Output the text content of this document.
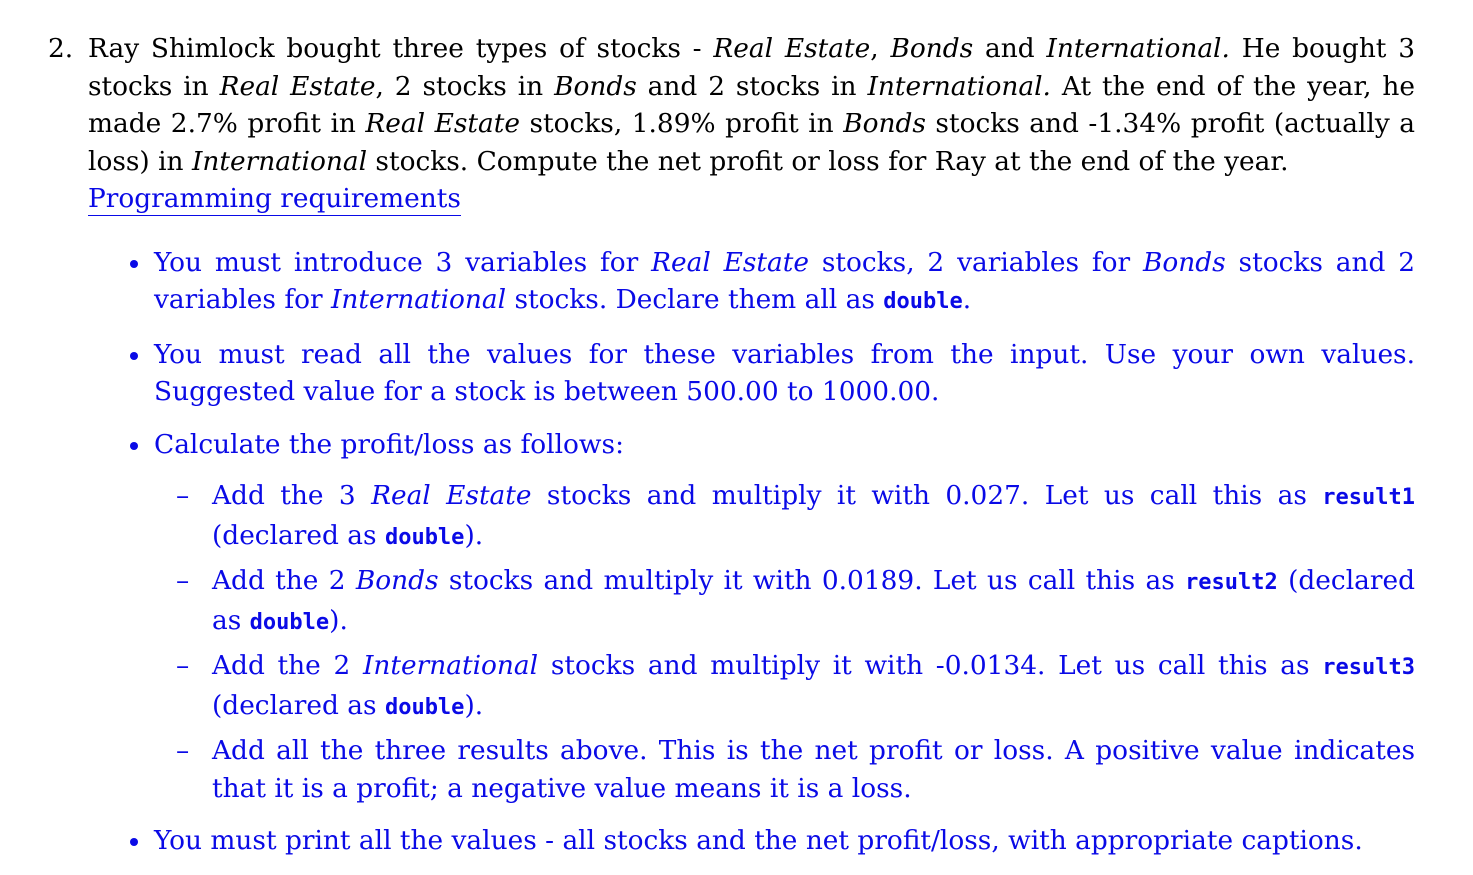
2. Ray Shimlock bought three types of stocks - Real Estate, Bonds and International. He bought 3 stocks in Real Estate, 2 stocks in Bonds and 2 stocks in International. At the end of the year, he made 2.7% profit in Real Estate stocks, 1.89% profit in Bonds stocks and -1.34% profit (actually a loss) in International stocks. Compute the net profit or loss for Ray at the end of the year.

Programming requirements
You must introduce 3 variables for Real Estate stocks, 2 variables for Bonds stocks and 2 variables for International stocks. Declare them all as double.
You must read all the values for these variables from the input. Use your own values. Suggested value for a stock is between 500.00 to 1000.00.
Calculate the profit/loss as follows:
– Add the 3 Real Estate stocks and multiply it with 0.027. Let us call this as result1 (declared as double).
– Add the 2 Bonds stocks and multiply it with 0.0189. Let us call this as result2 (declared as double).
– Add the 2 International stocks and multiply it with -0.0134. Let us call this as result3 (declared as double).
– Add all the three results above. This is the net profit or loss. A positive value indicates that it is a profit; a negative value means it is a loss.
You must print all the values - all stocks and the net profit/loss, with appropriate captions.
